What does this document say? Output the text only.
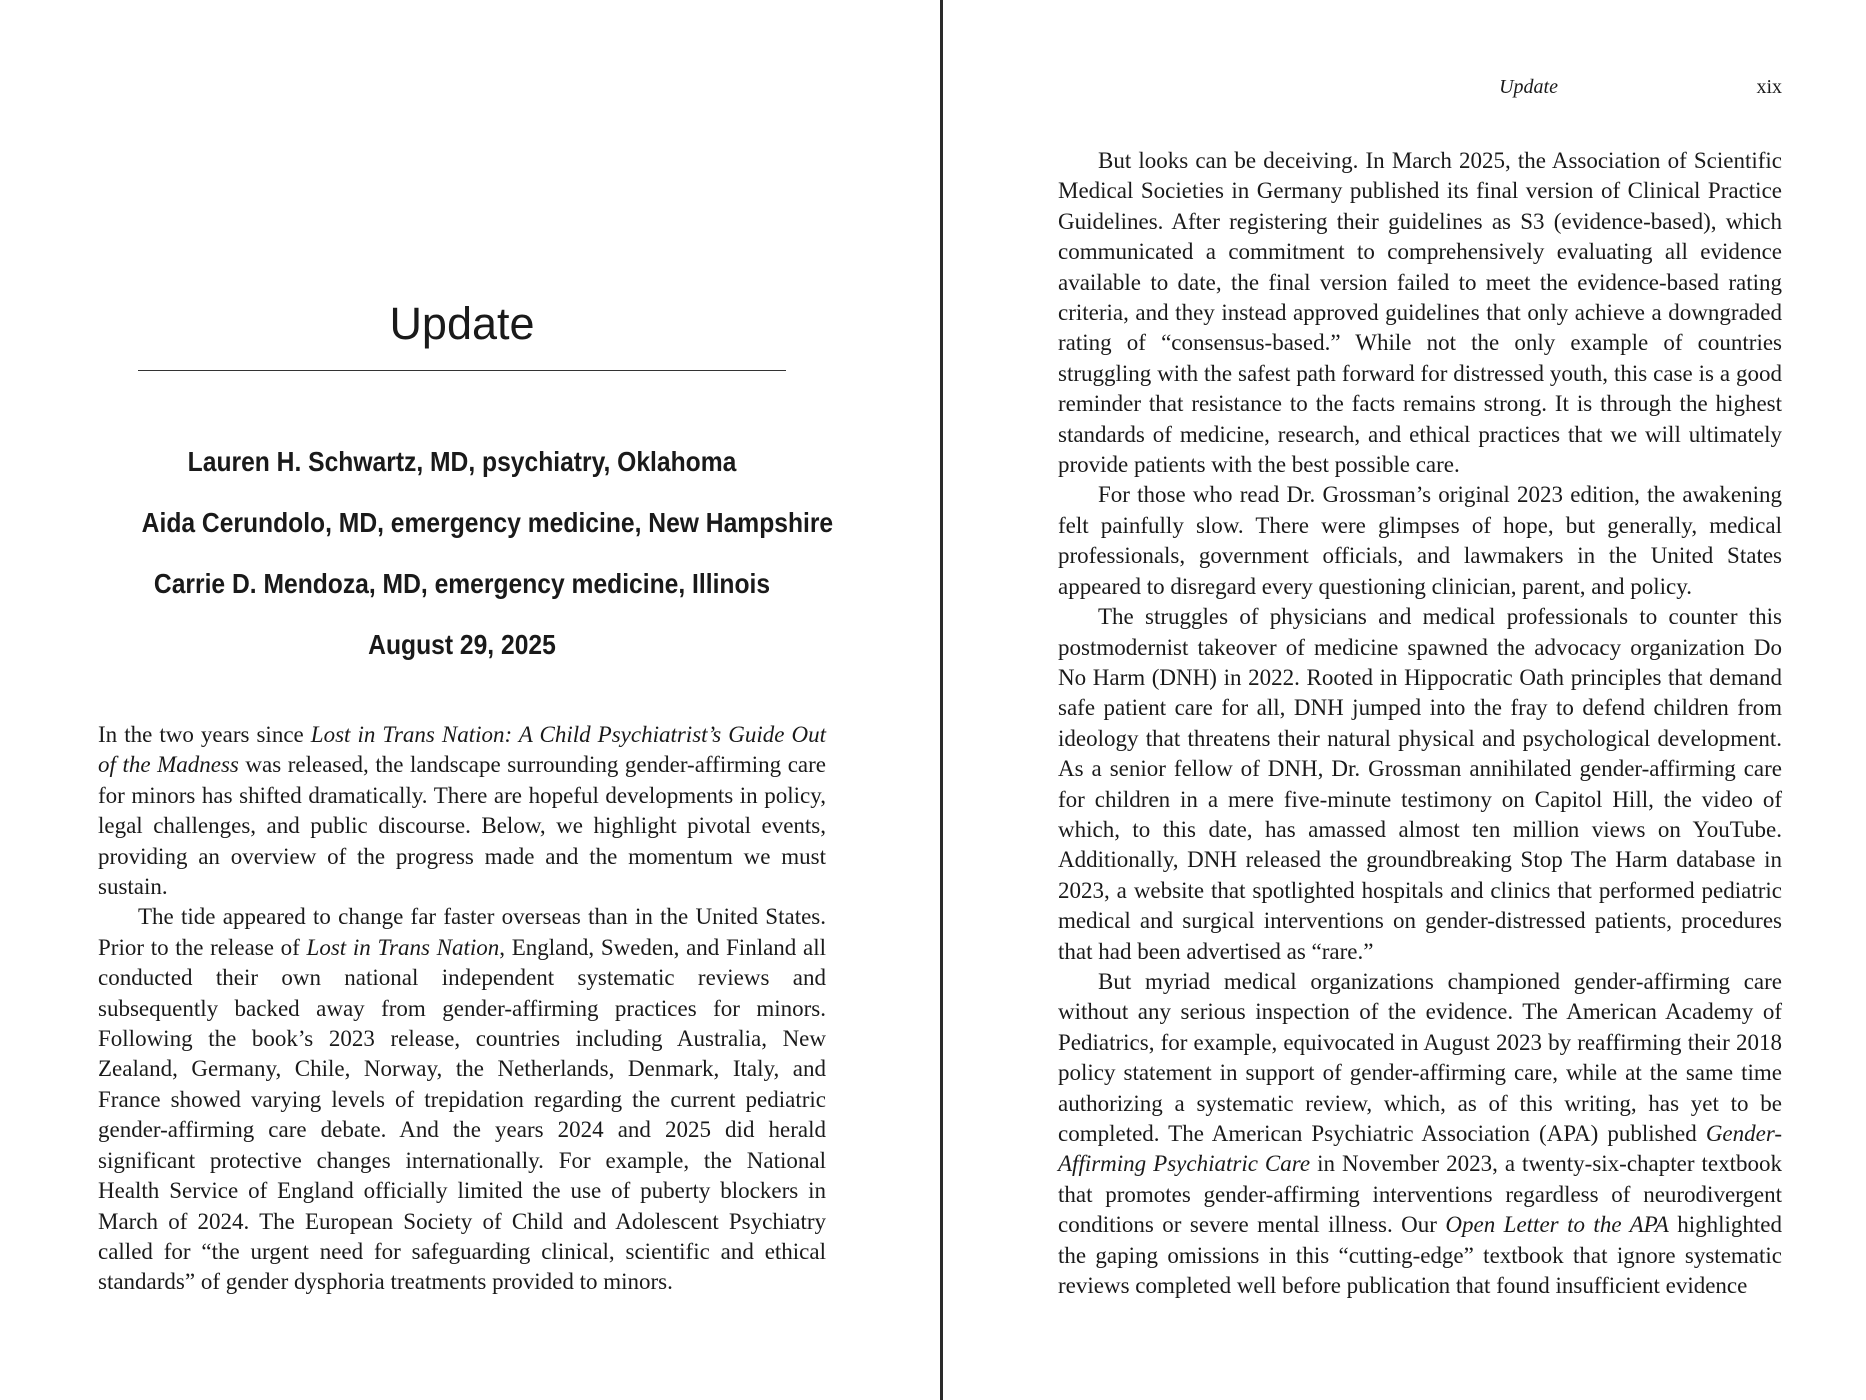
Update
Lauren H. Schwartz, MD, psychiatry, Oklahoma
Aida Cerundolo, MD, emergency medicine, New Hampshire
Carrie D. Mendoza, MD, emergency medicine, Illinois
August 29, 2025

In the two years since Lost in Trans Nation: A Child Psychiatrist’s Guide Out of the Madness was released, the landscape surrounding gender-affirming care for minors has shifted dramatically. There are hopeful developments in policy, legal challenges, and public discourse. Below, we highlight pivotal events, providing an overview of the progress made and the momentum we must sustain.

The tide appeared to change far faster overseas than in the United States. Prior to the release of Lost in Trans Nation, England, Sweden, and Finland all conducted their own national independent systematic reviews and subsequently backed away from gender-affirming practices for minors. Following the book’s 2023 release, countries including Australia, New Zealand, Germany, Chile, Norway, the Netherlands, Denmark, Italy, and France showed varying levels of trepidation regarding the current pediatric gender-affirming care debate. And the years 2024 and 2025 did herald significant protective changes internationally. For example, the National Health Service of England officially limited the use of puberty blockers in March of 2024. The European Society of Child and Adolescent Psychiatry called for “the urgent need for safeguarding clinical, scientific and ethical standards” of gender dysphoria treatments provided to minors.

Update	xix

But looks can be deceiving. In March 2025, the Association of Scientific Medical Societies in Germany published its final version of Clinical Practice Guidelines. After registering their guidelines as S3 (evidence-based), which communicated a commitment to comprehensively evaluating all evidence available to date, the final version failed to meet the evidence-based rating criteria, and they instead approved guidelines that only achieve a downgraded rating of “consensus-based.” While not the only example of countries struggling with the safest path forward for distressed youth, this case is a good reminder that resistance to the facts remains strong. It is through the highest standards of medicine, research, and ethical practices that we will ultimately provide patients with the best possible care.

For those who read Dr. Grossman’s original 2023 edition, the awakening felt painfully slow. There were glimpses of hope, but generally, medical professionals, government officials, and lawmakers in the United States appeared to disregard every questioning clinician, parent, and policy.

The struggles of physicians and medical professionals to counter this postmodernist takeover of medicine spawned the advocacy organization Do No Harm (DNH) in 2022. Rooted in Hippocratic Oath principles that demand safe patient care for all, DNH jumped into the fray to defend children from ideology that threatens their natural physical and psychological development. As a senior fellow of DNH, Dr. Grossman annihilated gender-affirming care for children in a mere five-minute testimony on Capitol Hill, the video of which, to this date, has amassed almost ten million views on YouTube. Additionally, DNH released the groundbreaking Stop The Harm database in 2023, a website that spotlighted hospitals and clinics that performed pediatric medical and surgical interventions on gender-distressed patients, procedures that had been advertised as “rare.”

But myriad medical organizations championed gender-affirming care without any serious inspection of the evidence. The American Academy of Pediatrics, for example, equivocated in August 2023 by reaffirming their 2018 policy statement in support of gender-affirming care, while at the same time authorizing a systematic review, which, as of this writing, has yet to be completed. The American Psychiatric Association (APA) published Gender-Affirming Psychiatric Care in November 2023, a twenty-six-chapter textbook that promotes gender-affirming interventions regardless of neurodivergent conditions or severe mental illness. Our Open Letter to the APA highlighted the gaping omissions in this “cutting-edge” textbook that ignore systematic reviews completed well before publication that found insufficient evidence
